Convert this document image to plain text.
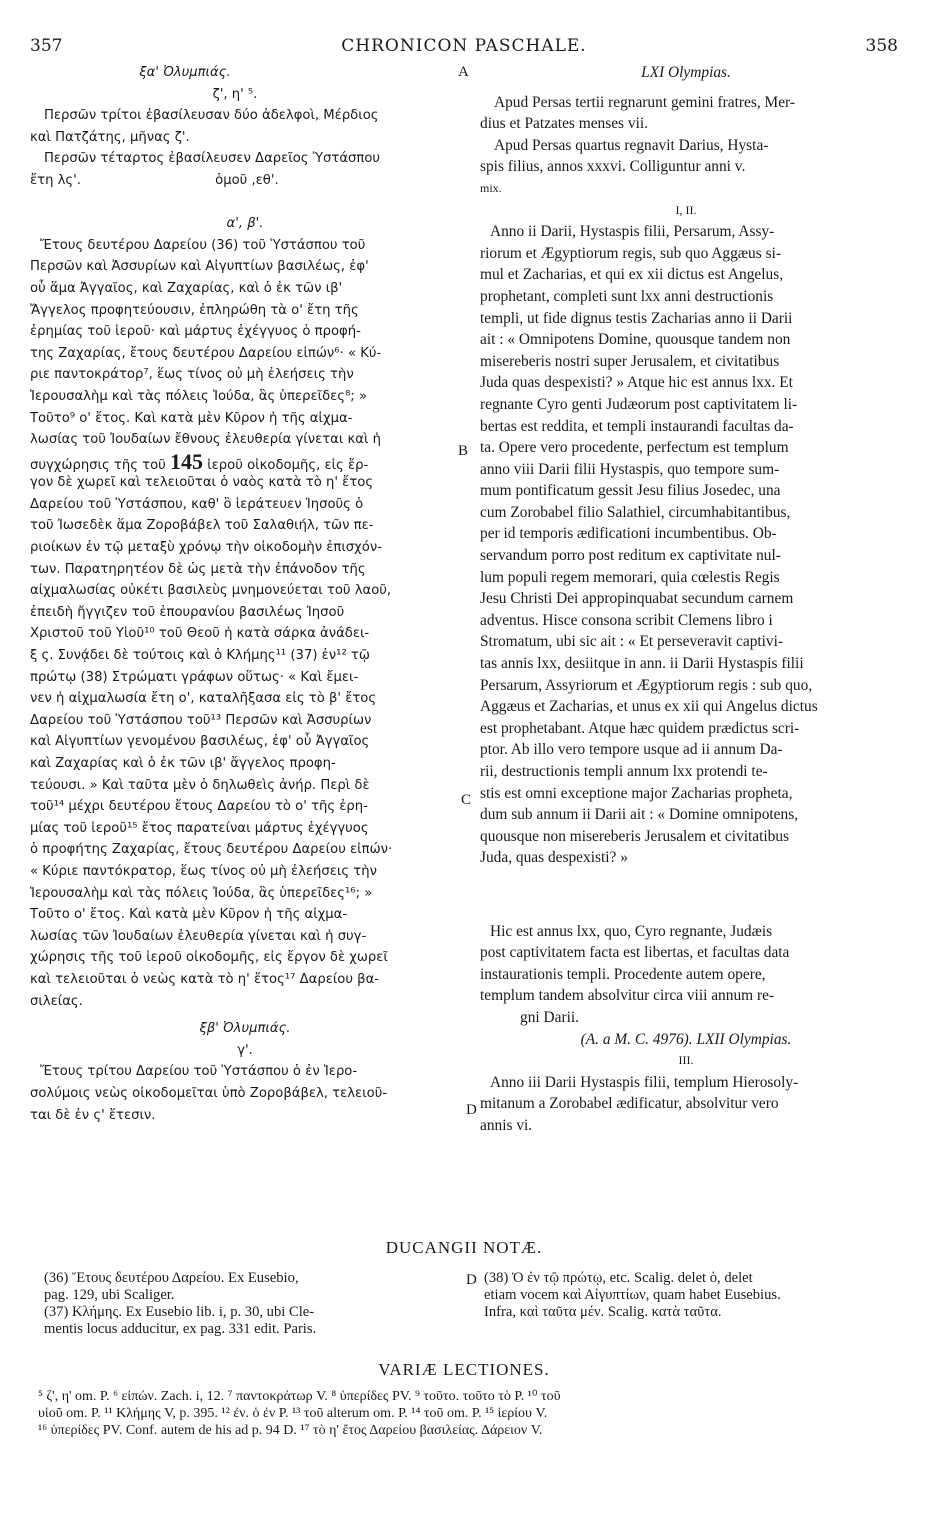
357	CHRONICON PASCHALE.	358
A
B
C
D
D
ξα' Ὀλυμπιάς.
ζ', η' ⁵.
Περσῶν τρίτοι ἐβασίλευσαν δύο ἀδελφοὶ, Μέρδιος
καὶ Πατζάτης, μῆνας ζ'.
Περσῶν τέταρτος ἐβασίλευσεν Δαρεῖος Ὑστάσπου
ἔτη λς'.                                ὁμοῦ ,εθ'.
α', β'.
Ἔτους δευτέρου Δαρείου (36) τοῦ Ὑστάσπου τοῦ
Περσῶν καὶ Ἀσσυρίων καὶ Αἰγυπτίων βασιλέως, ἐφ'
οὗ ἅμα Ἀγγαῖος, καὶ Ζαχαρίας, καὶ ὁ ἐκ τῶν ιβ'
Ἄγγελος προφητεύουσιν, ἐπληρώθη τὰ ο' ἔτη τῆς
ἐρημίας τοῦ ἱεροῦ· καὶ μάρτυς ἐχέγγυος ὁ προφή-
της Ζαχαρίας, ἔτους δευτέρου Δαρείου εἰπών⁶· « Κύ-
ριε παντοκράτορ⁷, ἕως τίνος οὐ μὴ ἐλεήσεις τὴν
Ἱερουσαλὴμ καὶ τὰς πόλεις Ἰούδα, ἃς ὑπερεῖδες⁸; »
Τοῦτο⁹ ο' ἔτος. Καὶ κατὰ μὲν Κῦρον ἡ τῆς αἰχμα-
λωσίας τοῦ Ἰουδαίων ἔθνους ἐλευθερία γίνεται καὶ ἡ
συγχώρησις τῆς τοῦ 145 ἱεροῦ οἰκοδομῆς, εἰς ἔρ-
γον δὲ χωρεῖ καὶ τελειοῦται ὁ ναὸς κατὰ τὸ η' ἔτος
Δαρείου τοῦ Ὑστάσπου, καθ' ὃ ἱεράτευεν Ἰησοῦς ὁ
τοῦ Ἰωσεδὲκ ἅμα Ζοροβάβελ τοῦ Σαλαθιήλ, τῶν πε-
ριοίκων ἐν τῷ μεταξὺ χρόνῳ τὴν οἰκοδομὴν ἐπισχόν-
των. Παρατηρητέον δὲ ὡς μετὰ τὴν ἐπάνοδον τῆς
αἰχμαλωσίας οὐκέτι βασιλεὺς μνημονεύεται τοῦ λαοῦ,
ἐπειδὴ ἤγγιζεν τοῦ ἐπουρανίου βασιλέως Ἰησοῦ
Χριστοῦ τοῦ Υἱοῦ¹⁰ τοῦ Θεοῦ ἡ κατὰ σάρκα ἀνάδει-
ξ ς. Συνᾴδει δὲ τούτοις καὶ ὁ Κλήμης¹¹ (37) ἐν¹² τῷ
πρώτῳ (38) Στρώματι γράφων οὕτως· « Καὶ ἔμει-
νεν ἡ αἰχμαλωσία ἔτη ο', καταλῆξασα εἰς τὸ β' ἔτος
Δαρείου τοῦ Ὑστάσπου τοῦ¹³ Περσῶν καὶ Ἀσσυρίων
καὶ Αἰγυπτίων γενομένου βασιλέως, ἐφ' οὗ Ἀγγαῖος
καὶ Ζαχαρίας καὶ ὁ ἐκ τῶν ιβ' ἄγγελος προφη-
τεύουσι. » Καὶ ταῦτα μὲν ὁ δηλωθεὶς ἀνήρ. Περὶ δὲ
τοῦ¹⁴ μέχρι δευτέρου ἔτους Δαρείου τὸ ο' τῆς ἐρη-
μίας τοῦ ἱεροῦ¹⁵ ἔτος παρατείναι μάρτυς ἐχέγγυος
ὁ προφήτης Ζαχαρίας, ἔτους δευτέρου Δαρείου εἰπών·
« Κύριε παντόκρατορ, ἕως τίνος οὐ μὴ ἐλεήσεις τὴν
Ἱερουσαλὴμ καὶ τὰς πόλεις Ἰούδα, ἃς ὑπερεῖδες¹⁶; »
Τοῦτο ο' ἔτος. Καὶ κατὰ μὲν Κῦρον ἡ τῆς αἰχμα-
λωσίας τῶν Ἰουδαίων ἐλευθερία γίνεται καὶ ἡ συγ-
χώρησις τῆς τοῦ ἱεροῦ οἰκοδομῆς, εἰς ἔργον δὲ χωρεῖ
καὶ τελειοῦται ὁ νεὼς κατὰ τὸ η' ἔτος¹⁷ Δαρείου βα-
σιλείας.
ξβ' Ὀλυμπιάς.
γ'.
Ἔτους τρίτου Δαρείου τοῦ Ὑστάσπου ὁ ἐν Ἱερο-
σολύμοις νεὼς οἰκοδομεῖται ὑπὸ Ζοροβάβελ, τελειοῦ-
ται δὲ ἐν ς' ἔτεσιν.
LXI Olympias.
Apud Persas tertii regnarunt gemini fratres, Mer-
dius et Patzates menses vii.
Apud Persas quartus regnavit Darius, Hysta-
spis filius, annos xxxvi. Colliguntur anni v.
mix.
I, II.
Anno ii Darii, Hystaspis filii, Persarum, Assy-
riorum et Ægyptiorum regis, sub quo Aggæus si-
mul et Zacharias, et qui ex xii dictus est Angelus,
prophetant, completi sunt lxx anni destructionis
templi, ut fide dignus testis Zacharias anno ii Darii
ait : « Omnipotens Domine, quousque tandem non
misereberis nostri super Jerusalem, et civitatibus
Juda quas despexisti? » Atque hic est annus lxx. Et
regnante Cyro genti Judæorum post captivitatem li-
bertas est reddita, et templi instaurandi facultas da-
ta. Opere vero procedente, perfectum est templum
anno viii Darii filii Hystaspis, quo tempore sum-
mum pontificatum gessit Jesu filius Josedec, una
cum Zorobabel filio Salathiel, circumhabitantibus,
per id temporis ædificationi incumbentibus. Ob-
servandum porro post reditum ex captivitate nul-
lum populi regem memorari, quia cœlestis Regis
Jesu Christi Dei appropinquabat secundum carnem
adventus. Hisce consona scribit Clemens libro i
Stromatum, ubi sic ait : « Et perseveravit captivi-
tas annis lxx, desiitque in ann. ii Darii Hystaspis filii
Persarum, Assyriorum et Ægyptiorum regis : sub quo,
Aggæus et Zacharias, et unus ex xii qui Angelus dictus
est prophetabant. Atque hæc quidem prædictus scri-
ptor. Ab illo vero tempore usque ad ii annum Da-
rii, destructionis templi annum lxx protendi te-
stis est omni exceptione major Zacharias propheta,
dum sub annum ii Darii ait : « Domine omnipotens,
quousque non misereberis Jerusalem et civitatibus
Juda, quas despexisti? »
Hic est annus lxx, quo, Cyro regnante, Judæis
post captivitatem facta est libertas, et facultas data
instaurationis templi. Procedente autem opere,
templum tandem absolvitur circa viii annum re-
gni Darii.
(A. a M. C. 4976). LXII Olympias.
III.
Anno iii Darii Hystaspis filii, templum Hierosoly-
mitanum a Zorobabel ædificatur, absolvitur vero
annis vi.
DUCANGII NOTÆ.
(36) Ἔτους δευτέρου Δαρείου. Ex Eusebio,
pag. 129, ubi Scaliger.
(37) Κλήμης. Ex Eusebio lib. i, p. 30, ubi Cle-
mentis locus adducitur, ex pag. 331 edit. Paris.
(38) Ὁ ἐν τῷ πρώτῳ, etc. Scalig. delet ὁ, delet
etiam vocem καὶ Αἰγυπτίων, quam habet Eusebius.
Infra, καὶ ταῦτα μέν. Scalig. κατὰ ταῦτα.
VARIÆ LECTIONES.
⁵ ζ', η' om. P. ⁶ εἰπών. Zach. i, 12. ⁷ παντοκράτωρ V. ⁸ ὑπερίδες PV. ⁹ τοῦτο. τοῦτο τὸ P. ¹⁰ τοῦ
υἱοῦ om. P. ¹¹ Κλήμης V, p. 395. ¹² ἐν. ὁ ἐν P. ¹³ τοῦ alterum om. P. ¹⁴ τοῦ om. P. ¹⁵ ἱερίου V.
¹⁶ ὑπερίδες PV. Conf. autem de his ad p. 94 D. ¹⁷ τὸ η' ἔτος Δαρείου βασιλείας. Δάρειον V.
